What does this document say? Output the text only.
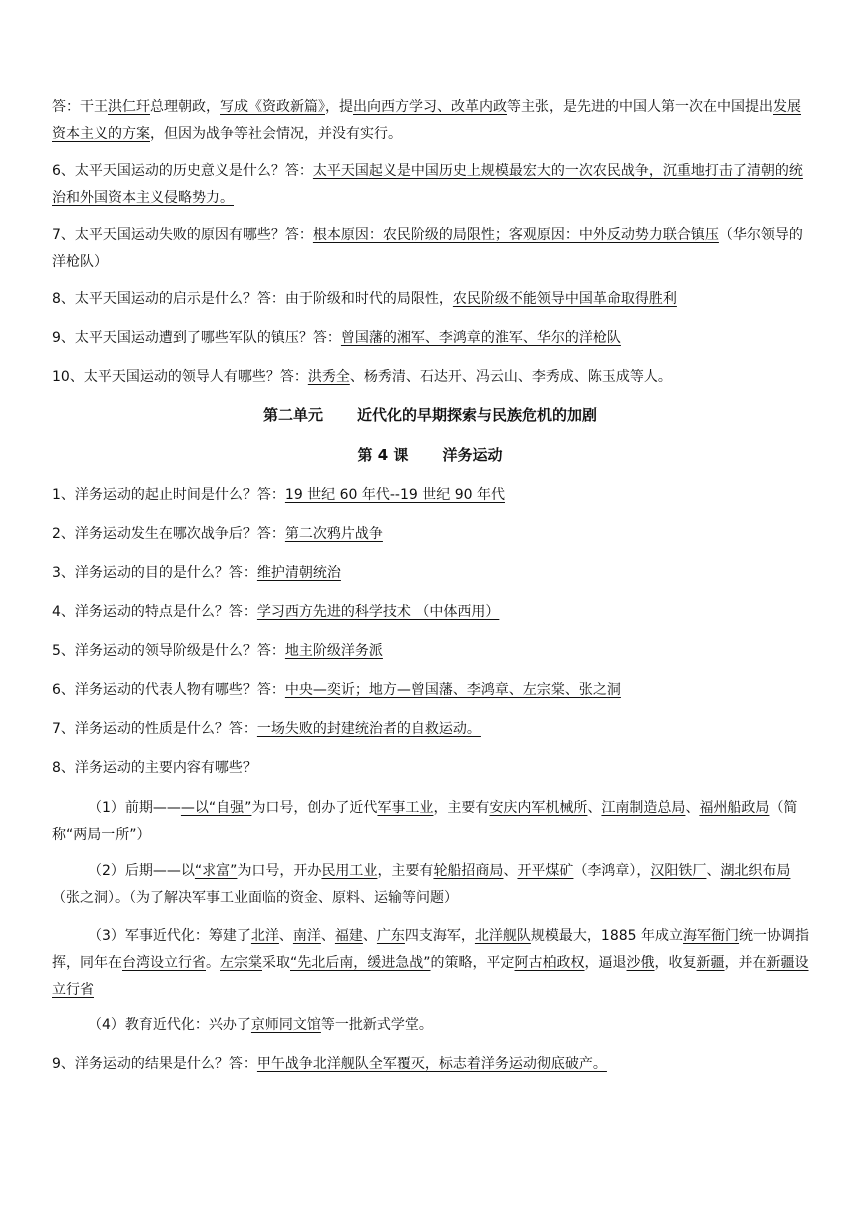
答：干王洪仁玕总理朝政，写成《资政新篇》，提出向西方学习、改革内政等主张，是先进的中国人第一次在中国提出发展资本主义的方案，但因为战争等社会情况，并没有实行。

6、太平天国运动的历史意义是什么？答：太平天国起义是中国历史上规模最宏大的一次农民战争，沉重地打击了清朝的统治和外国资本主义侵略势力。

7、太平天国运动失败的原因有哪些？答：根本原因：农民阶级的局限性；客观原因：中外反动势力联合镇压（华尔领导的洋枪队）

8、太平天国运动的启示是什么？答：由于阶级和时代的局限性，农民阶级不能领导中国革命取得胜利

9、太平天国运动遭到了哪些军队的镇压？答：曾国藩的湘军、李鸿章的淮军、华尔的洋枪队

10、太平天国运动的领导人有哪些？答：洪秀全、杨秀清、石达开、冯云山、李秀成、陈玉成等人。

第二单元 近代化的早期探索与民族危机的加剧

第 4 课 洋务运动

1、洋务运动的起止时间是什么？答：19 世纪 60 年代--19 世纪 90 年代

2、洋务运动发生在哪次战争后？答：第二次鸦片战争

3、洋务运动的目的是什么？答：维护清朝统治

4、洋务运动的特点是什么？答：学习西方先进的科学技术 （中体西用）

5、洋务运动的领导阶级是什么？答：地主阶级洋务派

6、洋务运动的代表人物有哪些？答：中央—奕䜣；地方—曾国藩、李鸿章、左宗棠、张之洞

7、洋务运动的性质是什么？答：一场失败的封建统治者的自救运动。

8、洋务运动的主要内容有哪些？

（1）前期———以“自强”为口号，创办了近代军事工业，主要有安庆内军机械所、江南制造总局、福州船政局（简称“两局一所”）

（2）后期——以“求富”为口号，开办民用工业，主要有轮船招商局、开平煤矿（李鸿章），汉阳铁厂、湖北织布局（张之洞）。（为了解决军事工业面临的资金、原料、运输等问题）

（3）军事近代化：筹建了北洋、南洋、福建、广东四支海军，北洋舰队规模最大，1885 年成立海军衙门统一协调指挥，同年在台湾设立行省。左宗棠采取“先北后南，缓进急战”的策略，平定阿古柏政权，逼退沙俄，收复新疆，并在新疆设立行省

（4）教育近代化：兴办了京师同文馆等一批新式学堂。

9、洋务运动的结果是什么？答：甲午战争北洋舰队全军覆灭，标志着洋务运动彻底破产。
